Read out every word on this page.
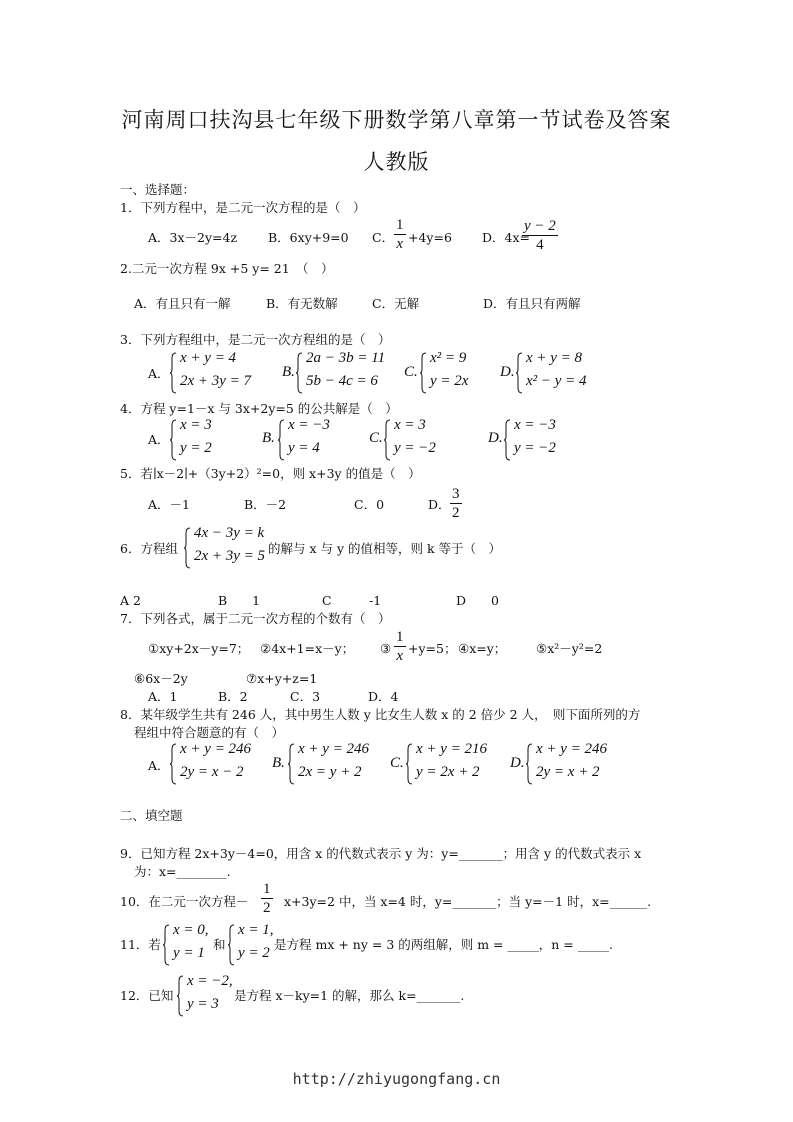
河南周口扶沟县七年级下册数学第八章第一节试卷及答案
人教版
一、选择题：
1．下列方程中，是二元一次方程的是（　）
A．3x－2y=4z B．6xy+9=0 C． $\frac{1}{x} +4y=6$ D．4x=
$\frac{y - 2}{4}$
2.二元一次方程 9x +5 y= 21　（　）
A．有且只有一解	B．有无数解	C．无解	D．有且只有两解
3．下列方程组中，是二元一次方程组的是（　）
A．
x + y = 4
2x + 3y = 7
B.
2a − 3b = 11
5b − 4c = 6
C.
x² = 9
y = 2x
D.
x + y = 8
x² − y = 4
4．方程 y=1－x 与 3x+2y=5 的公共解是（　）
A．
x = 3
y = 2
B.
x = −3
y = 4
C.
x = 3
y = −2
D.
x = −3
y = −2
5．若∣x－2∣+（3y+2）²=0，则 x+3y 的值是（　）
A．－1	B．－2	C．0	D． $\frac{3}{2}$
6．方程组
4x − 3y = k
2x + 3y = 5 的解与 x 与 y 的值相等，则 k 等于（　）
A 2	B　　1	C　　　-1	D　　0
7．下列各式，属于二元一次方程的个数有（　）
①xy+2x－y=7； ②4x+1=x－y； ③ $\frac{1}{x} +y=5$； ④x=y； ⑤x²－y²=2
⑥6x－2y	⑦x+y+z=1
A．1	B．2	C．3	D．4
8．某年级学生共有 246 人，其中男生人数 y 比女生人数 x 的 2 倍少 2 人，　则下面所列的方
程组中符合题意的有（　）
A．
x + y = 246
2y = x − 2
B.
x + y = 246
2x = y + 2
C.
x + y = 216
y = 2x + 2
D.
x + y = 246
2y = x + 2
二、填空题
9．已知方程 2x+3y－4=0，用含 x 的代数式表示 y 为：y=_______；用含 y 的代数式表示 x
为：x=________.
10．在二元一次方程－ $\frac{1}{2} x+3y=2$ 中，当 x=4 时，y=_______；当 y=－1 时，x=______.
11．若
x = 0,
y = 1
和
x = 1,
y = 2
是方程 mx + ny = 3 的两组解，则 m = _____，n = _____.
12．已知
x = −2,
y = 3
是方程 x－ky=1 的解，那么 k=_______.
http://zhiyugongfang.cn
